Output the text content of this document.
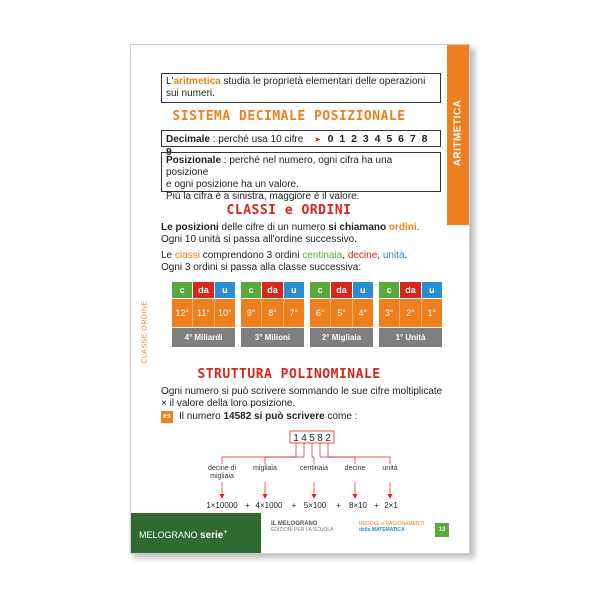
ARITMETICA
L'aritmetica studia le proprietà elementari delle operazioni sui numeri.
SISTEMA DECIMALE POSIZIONALE
Decimale : perché usa 10 cifre ➤ 0 1 2 3 4 5 6 7 8 9
Posizionale : perché nel numero, ogni cifra ha una posizione
e ogni posizione ha un valore.
Più la cifra è a sinistra, maggiore è il valore.
CLASSI e ORDINI
Le posizioni delle cifre di un numero si chiamano ordini.
Ogni 10 unità si passa all'ordine successivo.
Le classi comprendono 3 ordini centinaia, decine, unità.
Ogni 3 ordini si passa alla classe successiva:
CLASSE ORDINE
c	da	u
12° 11° 10°
4° Miliardi
c	da	u
9°	8°	7°
3° Milioni
c	da	u
6°	5°	4°
2° Migliaia
c	da	u
3°	2°	1°
1° Unità
STRUTTURA POLINOMINALE
Ogni numero si può scrivere sommando le sue cifre moltiplicate
× il valore della loro posizione.
es Il numero 14582 si può scrivere come :
1
decine di
migliaia
1×10000 +
4
migliaia
4×1000 +
5
centinaia
5×100 +
8
decine
8×10 +
2
unità
2×1
MELOGRANO serie+
IL MELOGRANO
EDIZIONI PER LA SCUOLA
REGOLE e RAGIONAMENTI
della MATEMATICA	13
